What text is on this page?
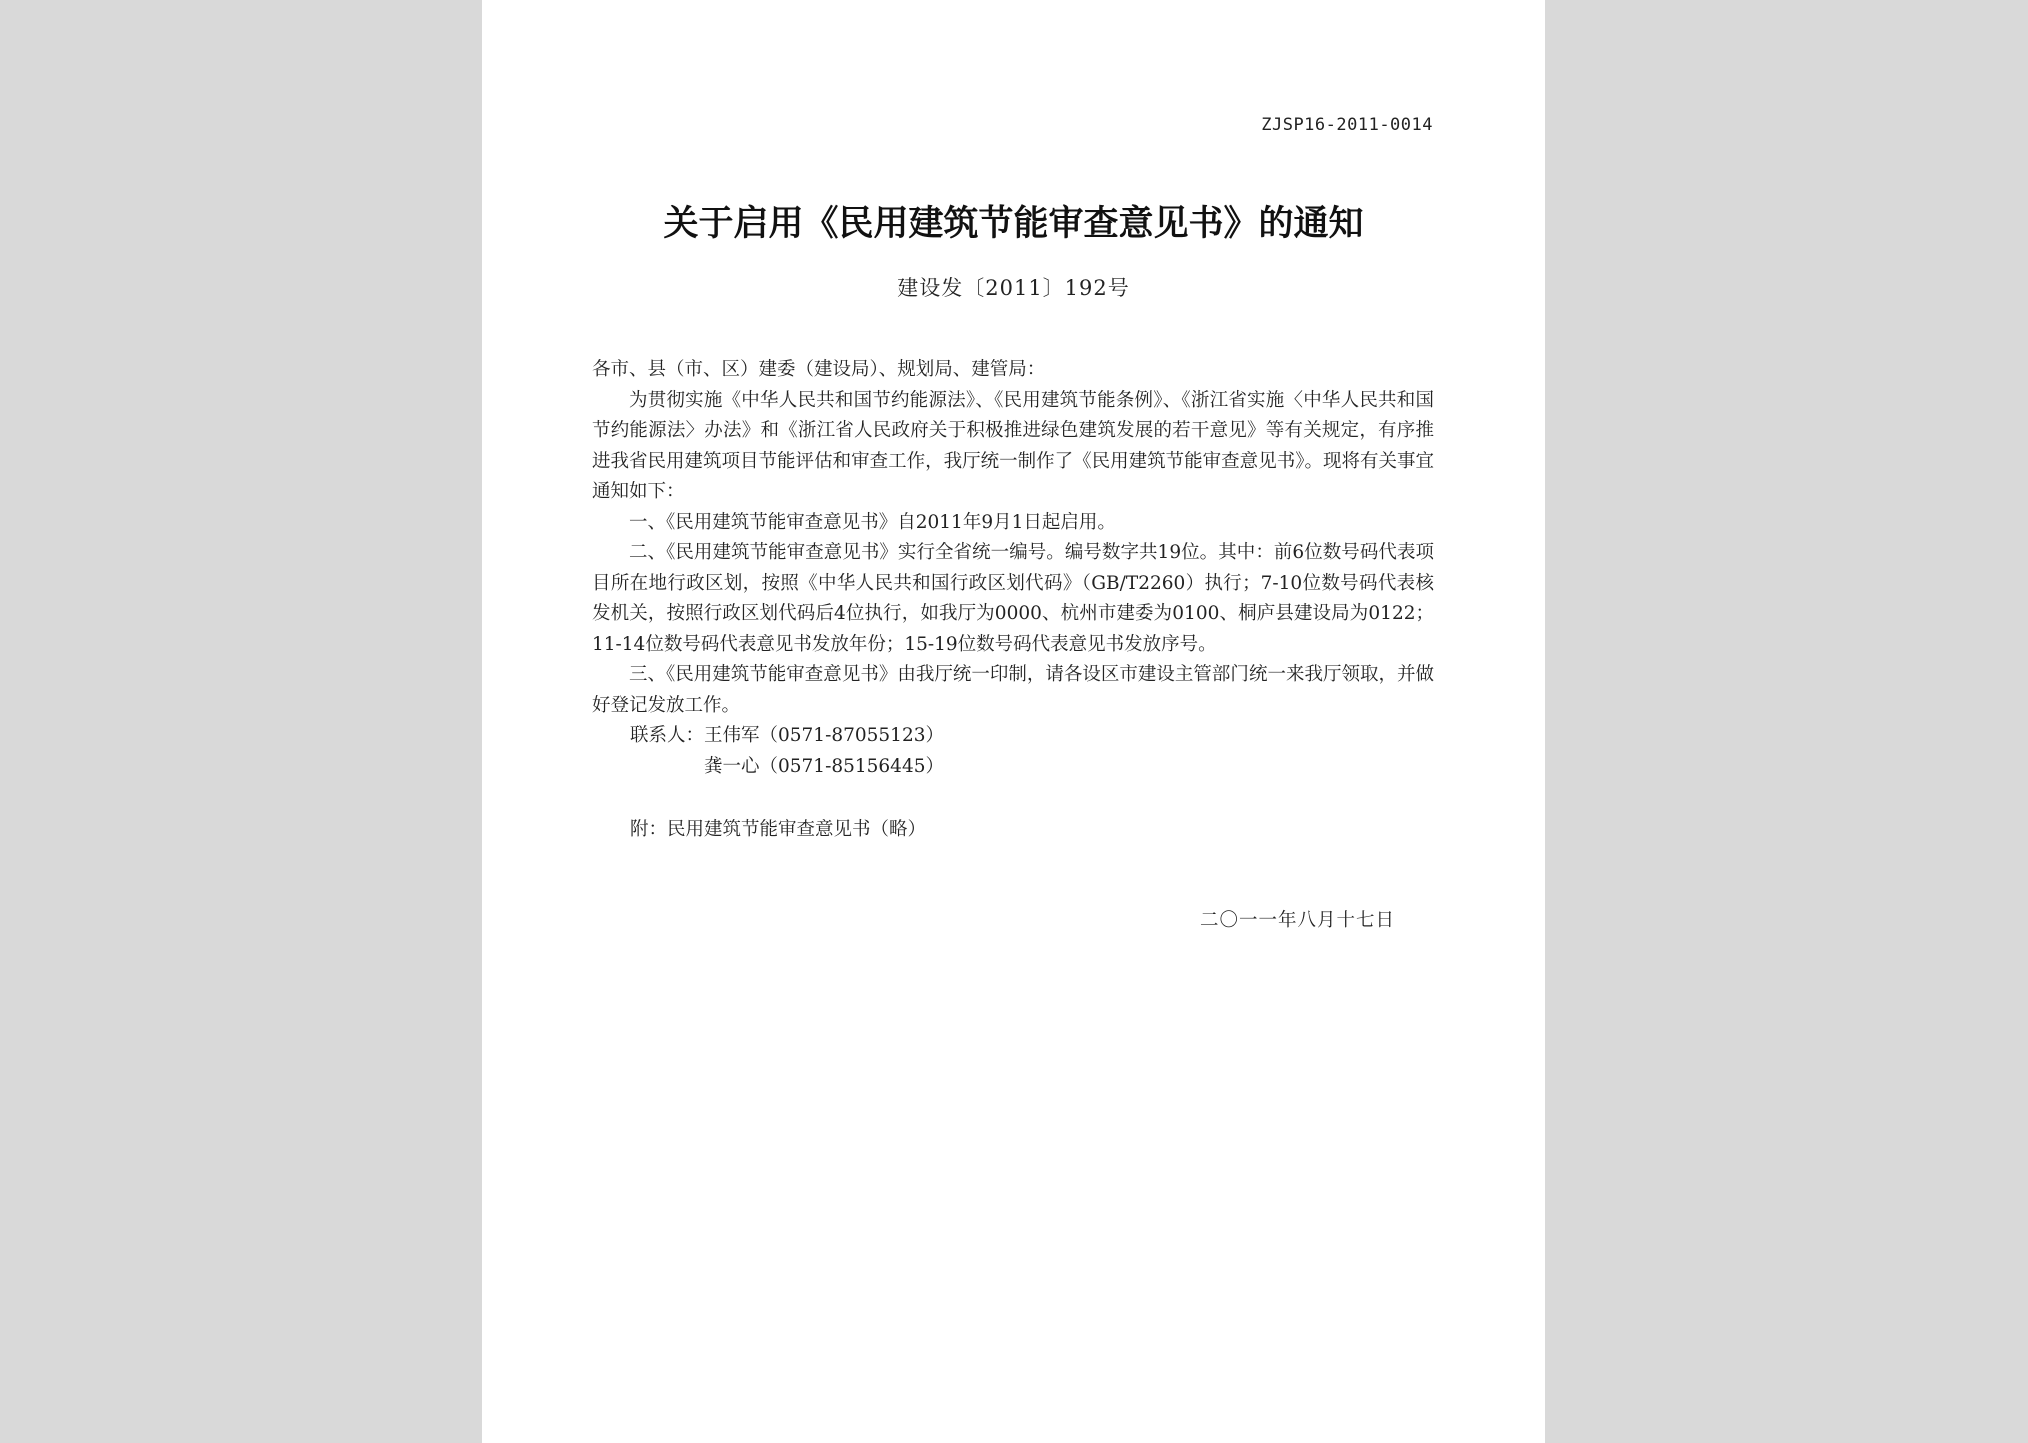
ZJSP16-2011-0014
关于启用《民用建筑节能审查意见书》的通知
建设发〔2011〕192号

各市、县（市、区）建委（建设局）、规划局、建管局：

为贯彻实施《中华人民共和国节约能源法》、《民用建筑节能条例》、《浙江省实施〈中华人民共和国节约能源法〉办法》和《浙江省人民政府关于积极推进绿色建筑发展的若干意见》等有关规定，有序推进我省民用建筑项目节能评估和审查工作，我厅统一制作了《民用建筑节能审查意见书》。现将有关事宜通知如下：

一、《民用建筑节能审查意见书》自2011年9月1日起启用。

二、《民用建筑节能审查意见书》实行全省统一编号。编号数字共19位。其中：前6位数号码代表项目所在地行政区划，按照《中华人民共和国行政区划代码》（GB/T2260）执行；7-10位数号码代表核发机关，按照行政区划代码后4位执行，如我厅为0000、杭州市建委为0100、桐庐县建设局为0122；11-14位数号码代表意见书发放年份；15-19位数号码代表意见书发放序号。

三、《民用建筑节能审查意见书》由我厅统一印制，请各设区市建设主管部门统一来我厅领取，并做好登记发放工作。

联系人：王伟军（0571-87055123）

龚一心（0571-85156445）

附：民用建筑节能审查意见书（略）
二〇一一年八月十七日
